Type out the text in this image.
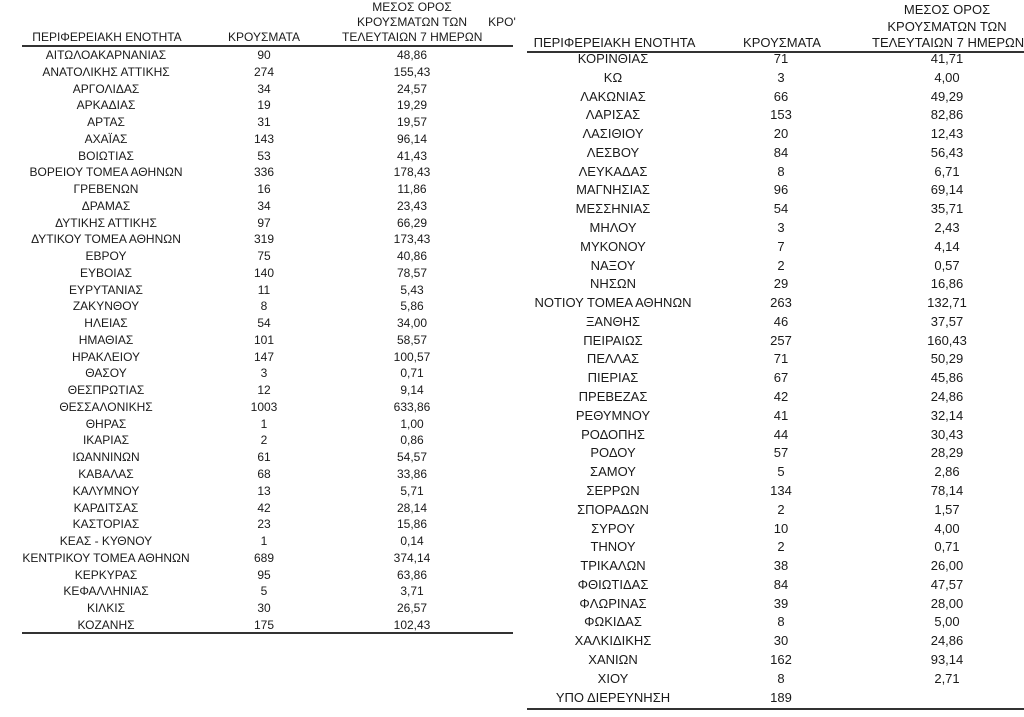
ΠΕΡΙΦΕΡΕΙΑΚΗ ΕΝΟΤΗΤΑ	ΚΡΟΥΣΜΑΤΑ
ΜΕΣΟΣ ΟΡΟΣ
ΚΡΟΥΣΜΑΤΩΝ ΤΩΝ
ΤΕΛΕΥΤΑΙΩΝ 7 ΗΜΕΡΩΝ
ΚΡΟ'
ΑΙΤΩΛΟΑΚΑΡΝΑΝΙΑΣ	90	48,86
ΑΝΑΤΟΛΙΚΗΣ ΑΤΤΙΚΗΣ	274	155,43
ΑΡΓΟΛΙΔΑΣ	34	24,57
ΑΡΚΑΔΙΑΣ	19	19,29
ΑΡΤΑΣ	31	19,57
ΑΧΑΪΑΣ	143	96,14
ΒΟΙΩΤΙΑΣ	53	41,43
ΒΟΡΕΙΟΥ ΤΟΜΕΑ ΑΘΗΝΩΝ	336	178,43
ΓΡΕΒΕΝΩΝ	16	11,86
ΔΡΑΜΑΣ	34	23,43
ΔΥΤΙΚΗΣ ΑΤΤΙΚΗΣ	97	66,29
ΔΥΤΙΚΟΥ ΤΟΜΕΑ ΑΘΗΝΩΝ	319	173,43
ΕΒΡΟΥ	75	40,86
ΕΥΒΟΙΑΣ	140	78,57
ΕΥΡΥΤΑΝΙΑΣ	11	5,43
ΖΑΚΥΝΘΟΥ	8	5,86
ΗΛΕΙΑΣ	54	34,00
ΗΜΑΘΙΑΣ	101	58,57
ΗΡΑΚΛΕΙΟΥ	147	100,57
ΘΑΣΟΥ	3	0,71
ΘΕΣΠΡΩΤΙΑΣ	12	9,14
ΘΕΣΣΑΛΟΝΙΚΗΣ	1003	633,86
ΘΗΡΑΣ	1	1,00
ΙΚΑΡΙΑΣ	2	0,86
ΙΩΑΝΝΙΝΩΝ	61	54,57
ΚΑΒΑΛΑΣ	68	33,86
ΚΑΛΥΜΝΟΥ	13	5,71
ΚΑΡΔΙΤΣΑΣ	42	28,14
ΚΑΣΤΟΡΙΑΣ	23	15,86
ΚΕΑΣ - ΚΥΘΝΟΥ	1	0,14
ΚΕΝΤΡΙΚΟΥ ΤΟΜΕΑ ΑΘΗΝΩΝ	689	374,14
ΚΕΡΚΥΡΑΣ	95	63,86
ΚΕΦΑΛΛΗΝΙΑΣ	5	3,71
ΚΙΛΚΙΣ	30	26,57
ΚΟΖΑΝΗΣ	175	102,43
ΠΕΡΙΦΕΡΕΙΑΚΗ ΕΝΟΤΗΤΑ	ΚΡΟΥΣΜΑΤΑ
ΜΕΣΟΣ ΟΡΟΣ
ΚΡΟΥΣΜΑΤΩΝ ΤΩΝ
ΤΕΛΕΥΤΑΙΩΝ 7 ΗΜΕΡΩΝ
ΚΟΡΙΝΘΙΑΣ	71	41,71
ΚΩ	3	4,00
ΛΑΚΩΝΙΑΣ	66	49,29
ΛΑΡΙΣΑΣ	153	82,86
ΛΑΣΙΘΙΟΥ	20	12,43
ΛΕΣΒΟΥ	84	56,43
ΛΕΥΚΑΔΑΣ	8	6,71
ΜΑΓΝΗΣΙΑΣ	96	69,14
ΜΕΣΣΗΝΙΑΣ	54	35,71
ΜΗΛΟΥ	3	2,43
ΜΥΚΟΝΟΥ	7	4,14
ΝΑΞΟΥ	2	0,57
ΝΗΣΩΝ	29	16,86
ΝΟΤΙΟΥ ΤΟΜΕΑ ΑΘΗΝΩΝ	263	132,71
ΞΑΝΘΗΣ	46	37,57
ΠΕΙΡΑΙΩΣ	257	160,43
ΠΕΛΛΑΣ	71	50,29
ΠΙΕΡΙΑΣ	67	45,86
ΠΡΕΒΕΖΑΣ	42	24,86
ΡΕΘΥΜΝΟΥ	41	32,14
ΡΟΔΟΠΗΣ	44	30,43
ΡΟΔΟΥ	57	28,29
ΣΑΜΟΥ	5	2,86
ΣΕΡΡΩΝ	134	78,14
ΣΠΟΡΑΔΩΝ	2	1,57
ΣΥΡΟΥ	10	4,00
ΤΗΝΟΥ	2	0,71
ΤΡΙΚΑΛΩΝ	38	26,00
ΦΘΙΩΤΙΔΑΣ	84	47,57
ΦΛΩΡΙΝΑΣ	39	28,00
ΦΩΚΙΔΑΣ	8	5,00
ΧΑΛΚΙΔΙΚΗΣ	30	24,86
ΧΑΝΙΩΝ	162	93,14
ΧΙΟΥ	8	2,71
ΥΠΟ ΔΙΕΡΕΥΝΗΣΗ	189
